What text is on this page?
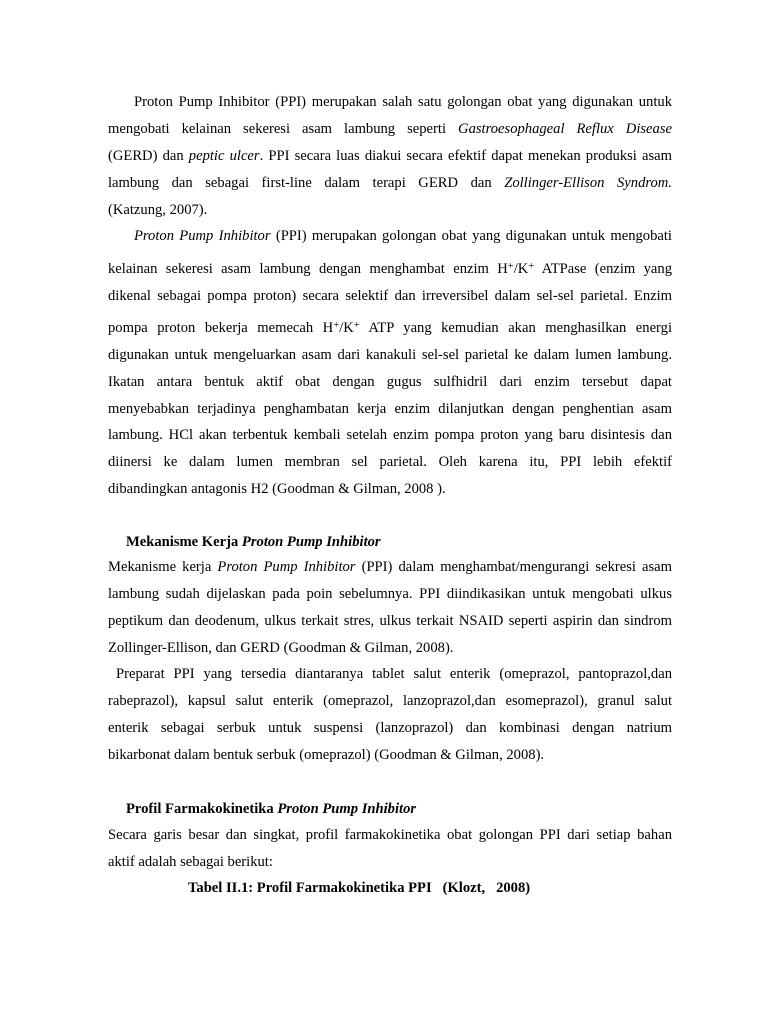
Proton Pump Inhibitor (PPI) merupakan salah satu golongan obat yang digunakan untuk
mengobati kelainan sekeresi asam lambung seperti Gastroesophageal Reflux Disease
(GERD) dan peptic ulcer. PPI secara luas diakui secara efektif dapat menekan produksi asam
lambung dan sebagai first-line dalam terapi GERD dan Zollinger-Ellison Syndrom.
(Katzung, 2007).
Proton Pump Inhibitor (PPI) merupakan golongan obat yang digunakan untuk mengobati
kelainan sekeresi asam lambung dengan menghambat enzim H+/K+ ATPase (enzim yang
dikenal sebagai pompa proton) secara selektif dan irreversibel dalam sel-sel parietal. Enzim
pompa proton bekerja memecah H+/K+ ATP yang kemudian akan menghasilkan energi
digunakan untuk mengeluarkan asam dari kanakuli sel-sel parietal ke dalam lumen lambung.
Ikatan antara bentuk aktif obat dengan gugus sulfhidril dari enzim tersebut dapat
menyebabkan terjadinya penghambatan kerja enzim dilanjutkan dengan penghentian asam
lambung. HCl akan terbentuk kembali setelah enzim pompa proton yang baru disintesis dan
diinersi ke dalam lumen membran sel parietal. Oleh karena itu, PPI lebih efektif
dibandingkan antagonis H2 (Goodman & Gilman, 2008 ).
Mekanisme Kerja Proton Pump Inhibitor
Mekanisme kerja Proton Pump Inhibitor (PPI) dalam menghambat/mengurangi sekresi asam
lambung sudah dijelaskan pada poin sebelumnya. PPI diindikasikan untuk mengobati ulkus
peptikum dan deodenum, ulkus terkait stres, ulkus terkait NSAID seperti aspirin dan sindrom
Zollinger-Ellison, dan GERD (Goodman & Gilman, 2008).
Preparat PPI yang tersedia diantaranya tablet salut enterik (omeprazol, pantoprazol,dan
rabeprazol), kapsul salut enterik (omeprazol, lanzoprazol,dan esomeprazol), granul salut
enterik sebagai serbuk untuk suspensi (lanzoprazol) dan kombinasi dengan natrium
bikarbonat dalam bentuk serbuk (omeprazol) (Goodman & Gilman, 2008).
Profil Farmakokinetika Proton Pump Inhibitor
Secara garis besar dan singkat, profil farmakokinetika obat golongan PPI dari setiap bahan
aktif adalah sebagai berikut:
Tabel II.1: Profil Farmakokinetika PPI   (Klozt,   2008)
